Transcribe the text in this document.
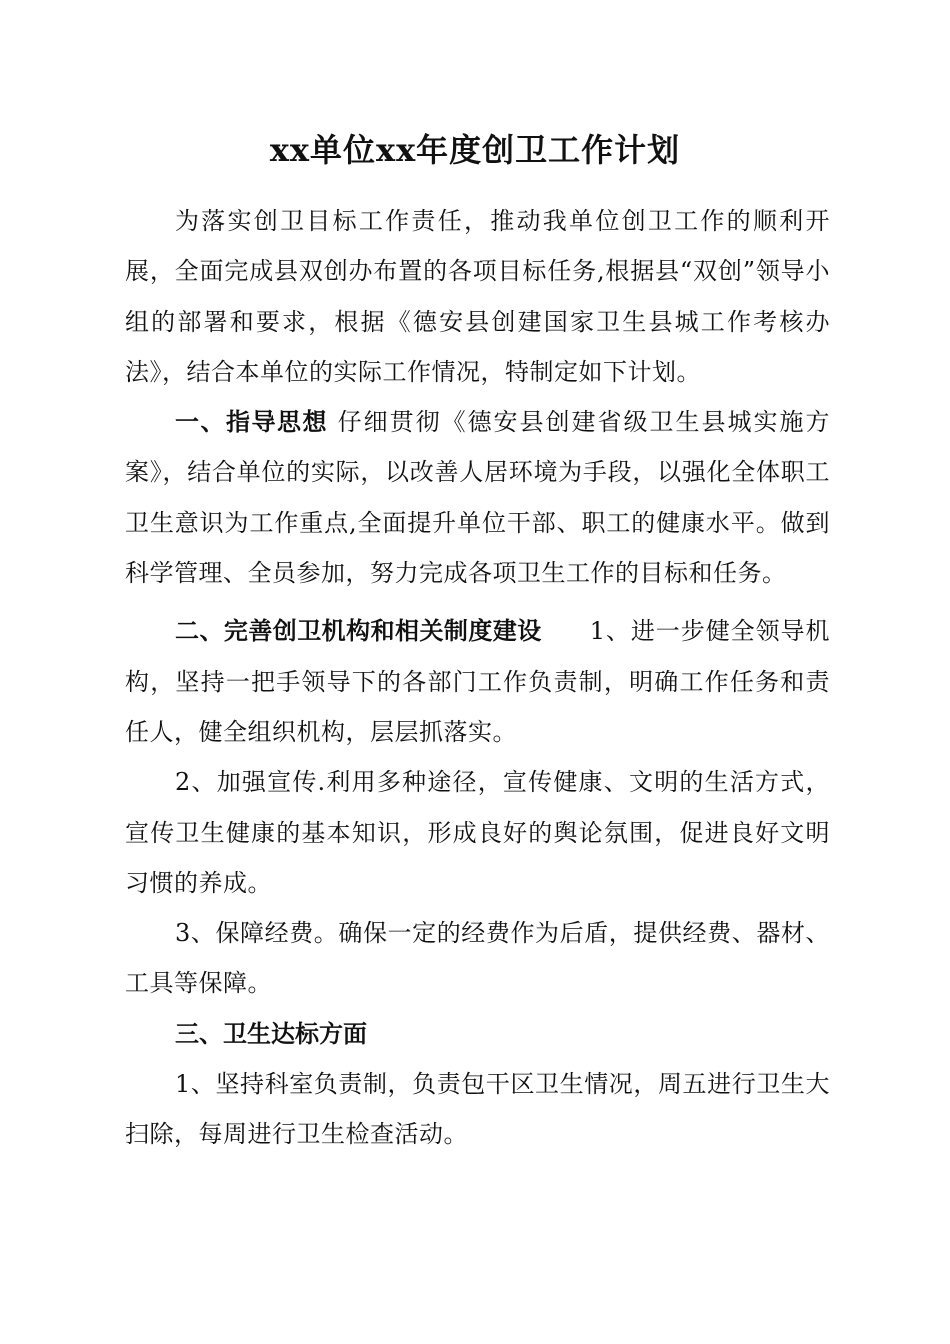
xx单位xx年度创卫工作计划

为落实创卫目标工作责任，推动我单位创卫工作的顺利开展，全面完成县双创办布置的各项目标任务,根据县“双创”领导小组的部署和要求，根据《德安县创建国家卫生县城工作考核办法》，结合本单位的实际工作情况，特制定如下计划。

一、指导思想 仔细贯彻《德安县创建省级卫生县城实施方案》，结合单位的实际，以改善人居环境为手段，以强化全体职工卫生意识为工作重点,全面提升单位干部、职工的健康水平。做到科学管理、全员参加，努力完成各项卫生工作的目标和任务。

二、完善创卫机构和相关制度建设 1、进一步健全领导机构，坚持一把手领导下的各部门工作负责制，明确工作任务和责任人，健全组织机构，层层抓落实。

2、加强宣传.利用多种途径，宣传健康、文明的生活方式，宣传卫生健康的基本知识，形成良好的舆论氛围，促进良好文明习惯的养成。

3、保障经费。确保一定的经费作为后盾，提供经费、器材、工具等保障。

三、卫生达标方面

1、坚持科室负责制，负责包干区卫生情况，周五进行卫生大扫除，每周进行卫生检查活动。
